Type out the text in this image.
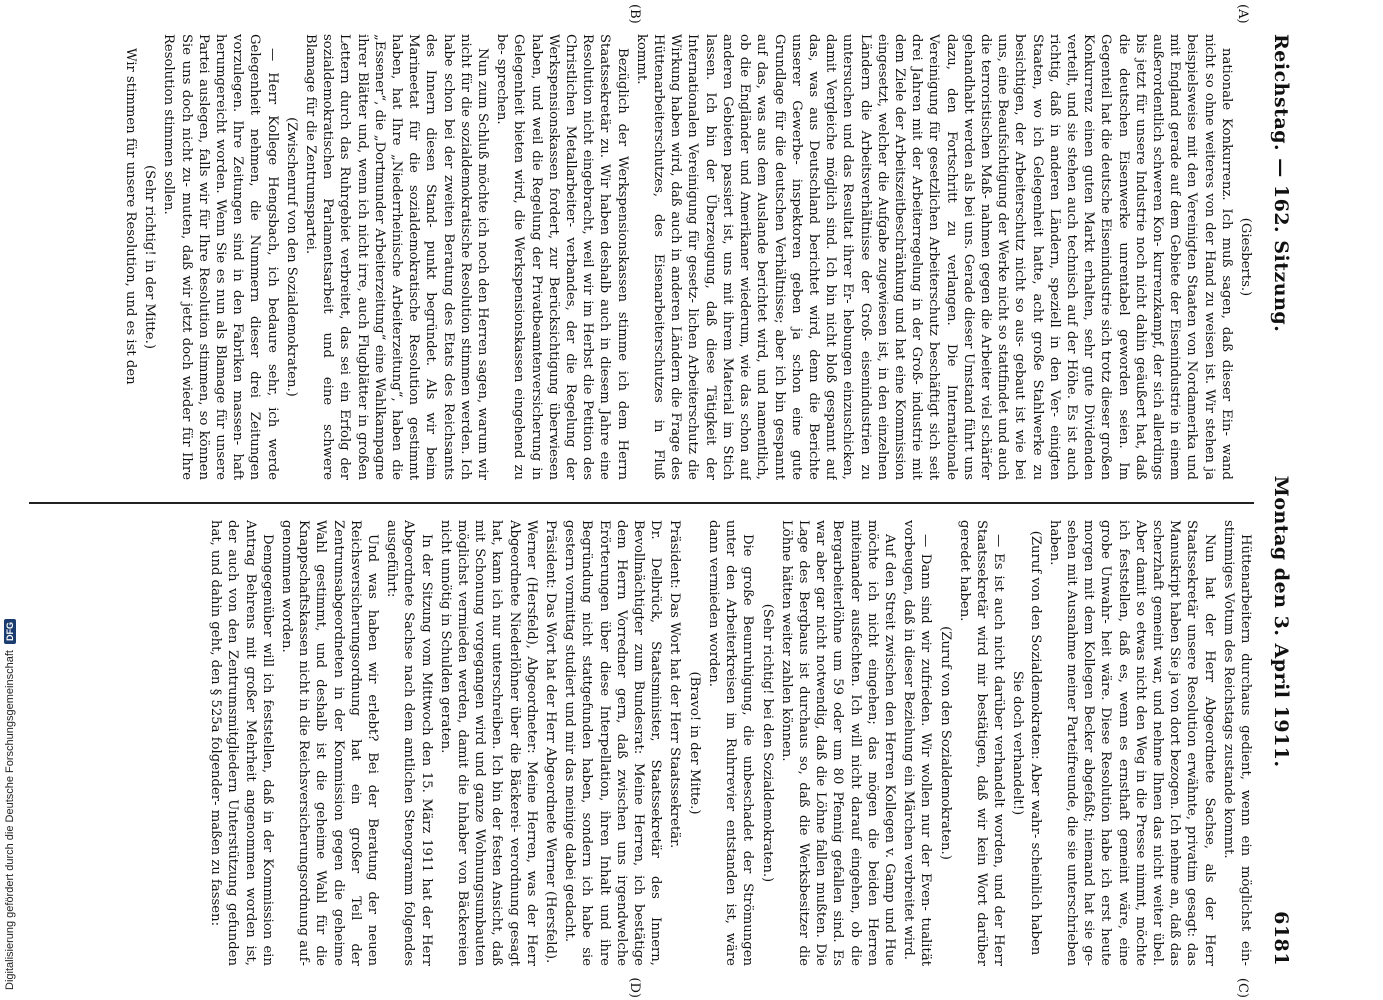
Reichstag. — 162. Sitzung.
Montag den 3. April 1911.
6181

(Giesberts.)

nationale Konkurrenz. Ich muß sagen, daß dieser Ein‑ wand nicht so ohne weiteres von der Hand zu weisen ist. Wir stehen ja beispielsweise mit den Vereinigten Staaten von Nordamerika und mit England gerade auf dem Gebiete der Eisenindustrie in einem außerordentlich schweren Kon‑ kurrenzkampf, der sich allerdings bis jetzt für unsere Industrie noch nicht dahin geäußert hat, daß die deutschen Eisenwerke unrentabel geworden seien. Im Gegenteil hat die deutsche Eisenindustrie sich trotz dieser großen Konkurrenz einen guten Markt erhalten, sehr gute Dividenden verteilt, und sie stehen auch technisch auf der Höhe. Es ist auch richtig, daß in anderen Ländern, speziell in den Ver‑ einigten Staaten, wo ich Gelegenheit hatte, acht große Stahlwerke zu besichtigen, der Arbeiterschutz nicht so aus‑ gebaut ist wie bei uns, eine Beaufsichtigung der Werke nicht so stattfindet und auch die terroristischen Maß‑ nahmen gegen die Arbeiter viel schärfer gehandhabt werden als bei uns. Gerade dieser Umstand führt uns dazu, den Fortschritt zu verlangen. Die Internationale Vereinigung für gesetzlichen Arbeiterschutz beschäftigt sich seit drei Jahren mit der Arbeiterregelung in der Groß‑ industrie mit dem Ziele der Arbeitszeitbeschränkung und hat eine Kommission eingesetzt, welcher die Aufgabe zugewiesen ist, in den einzelnen Ländern die Arbeitsverhältnisse der Groß‑ eisenindustrien zu untersuchen und das Resultat ihrer Er‑ hebungen einzuschicken, damit Vergleiche möglich sind. Ich bin nicht bloß gespannt auf das, was aus Deutschland berichtet wird, denn die Berichte unserer Gewerbe‑ inspektoren geben ja schon eine gute Grundlage für die deutschen Verhältnisse; aber ich bin gespannt auf das, was aus dem Auslande berichtet wird, und namentlich, ob die Engländer und Amerikaner wiederum, wie das schon auf anderen Gebieten passiert ist, uns mit ihrem Material im Stich lassen. Ich bin der Überzeugung, daß diese Tätigkeit der Internationalen Vereinigung für gesetz‑ lichen Arbeiterschutz die Wirkung haben wird, daß auch in anderen Ländern die Frage des Hüttenarbeiterschutzes, des Eisenarbeiterschutzes in Fluß kommt.

Bezüglich der Werkspensionskassen stimme ich dem Herrn Staatssekretär zu. Wir haben deshalb auch in diesem Jahre eine Resolution nicht eingebracht, weil wir im Herbst die Petition des Christlichen Metallarbeiter‑ verbandes, der die Regelung der Werkspensionskassen fordert, zur Berücksichtigung überwiesen haben, und weil die Regelung der Privatbeamtenversicherung in Gelegenheit bieten wird, die Werkspensionskassen eingehend zu be‑ sprechen.

Nun zum Schluß möchte ich noch den Herren sagen, warum wir nicht für die sozialdemokratische Resolution stimmen werden. Ich habe schon bei der zweiten Beratung des Etats des Reichsamts des Innern diesen Stand‑ punkt begründet. Als wir beim Marineetat für die sozialdemokratische Resolution gestimmt haben, hat Ihre „Niederrheinische Arbeiterzeitung“, haben die „Essener“, die „Dortmunder Arbeiterzeitung“ eine Wahlkampagne ihrer Blätter und, wenn ich nicht irre, auch Flugblätter in großen Lettern durch das Ruhrgebiet verbreitet, das sei ein Erfolg der sozialdemokratischen Parlamentsarbeit und eine schwere Blamage für die Zentrumspartei.

(Zwischenruf von den Sozialdemokraten.)

— Herr Kollege Hengsbach, ich bedaure sehr, ich werde Gelegenheit nehmen, die Nummern dieser drei Zeitungen vorzulegen. Ihre Zeitungen sind in den Fabriken massen‑ haft herumgereicht worden. Wenn Sie es nun als Blamage für unsere Partei auslegen, falls wir für Ihre Resolution stimmen, so können Sie uns doch nicht zu‑ muten, daß wir jetzt doch wieder für Ihre Resolution stimmen sollen.

(Sehr richtig! in der Mitte.)

Wir stimmen für unsere Resolution, und es ist den

Hüttenarbeitern durchaus gedient, wenn ein möglichst ein‑ stimmiges Votum des Reichstags zustande kommt.

Nun hat der Herr Abgeordnete Sachse, als der Herr Staatssekretär unsere Resolution erwähnte, privatim gesagt: das Manuskript haben Sie ja von dort bezogen. Ich nehme an, daß das scherzhaft gemeint war, und nehme Ihnen das nicht weiter übel. Aber damit so etwas nicht den Weg in die Presse nimmt, möchte ich feststellen, daß es, wenn es ernsthaft gemeint wäre, eine grobe Unwahr‑ heit wäre. Diese Resolution habe ich erst heute morgen mit dem Kollegen Becker abgefaßt; niemand hat sie ge‑ sehen mit Ausnahme meiner Parteifreunde, die sie unterschrieben haben.

(Zuruf von den Sozialdemokraten: Aber wahr‑ scheinlich haben Sie doch verhandelt!)

— Es ist auch nicht darüber verhandelt worden, und der Herr Staatssekretär wird mir bestätigen, daß wir kein Wort darüber geredet haben.

(Zuruf von den Sozialdemokraten.)

— Dann sind wir zufrieden. Wir wollen nur der Even‑ tualität vorbeugen, daß in dieser Beziehung ein Märchen verbreitet wird.

Auf den Streit zwischen den Herren Kollegen v. Gamp und Hue möchte ich nicht eingehen; das mögen die beiden Herren miteinander ausfechten. Ich will nicht darauf eingehen, ob die Bergarbeiterlöhne um 59 oder um 80 Pfennig gefallen sind. Es war aber gar nicht notwendig, daß die Löhne fallen mußten. Die Lage des Bergbaus ist durchaus so, daß die Werksbesitzer die Löhne hätten weiter zahlen können.

(Sehr richtig! bei den Sozialdemokraten.)

Die große Beunruhigung, die unbeschadet der Strömungen unter den Arbeiterkreisen im Ruhrrevier entstanden ist, wäre dann vermieden worden.

(Bravo! in der Mitte.)

Präsident: Das Wort hat der Herr Staatssekretär.

Dr. Delbrück, Staatsminister, Staatssekretär des Innern, Bevollmächtigter zum Bundesrat: Meine Herren, ich bestätige dem Herrn Vorredner gern, daß zwischen uns irgendwelche Erörterungen über diese Interpellation, ihren Inhalt und ihre Begründung nicht stattgefunden haben, sondern ich habe sie gestern vormittag studiert und mir das meinige dabei gedacht.

Präsident: Das Wort hat der Herr Abgeordnete Werner (Hersfeld).

Werner (Hersfeld), Abgeordneter: Meine Herren, was der Herr Abgeordnete Niederlöhner über die Bäckerei‑ verordnung gesagt hat, kann ich nur unterschreiben. Ich bin der festen Ansicht, daß mit Schonung vorgegangen wird und ganze Wohnungsumbauten möglichst vermieden werden, damit die Inhaber von Bäckereien nicht unnötig in Schulden geraten.

In der Sitzung vom Mittwoch den 15. März 1911 hat der Herr Abgeordnete Sachse nach dem amtlichen Stenogramm folgendes ausgeführt:

Und was haben wir erlebt? Bei der Beratung der neuen Reichsversicherungsordnung hat ein großer Teil der Zentrumsabgeordneten in der Kommission gegen die geheime Wahl gestimmt, und deshalb ist die geheime Wahl für die Knappschaftskassen nicht in die Reichsversicherungsordnung auf‑ genommen worden.

Demgegenüber will ich feststellen, daß in der Kommission ein Antrag Behrens mit großer Mehrheit angenommen worden ist, der auch von den Zentrumsmitgliedern Unterstützung gefunden hat, und dahin geht, den § 525a folgender‑ maßen zu fassen:

(A)
(B)
(C)
(D)
Digitalisierung gefördert durch die Deutsche Forschungsgemeinschaft
DFG
